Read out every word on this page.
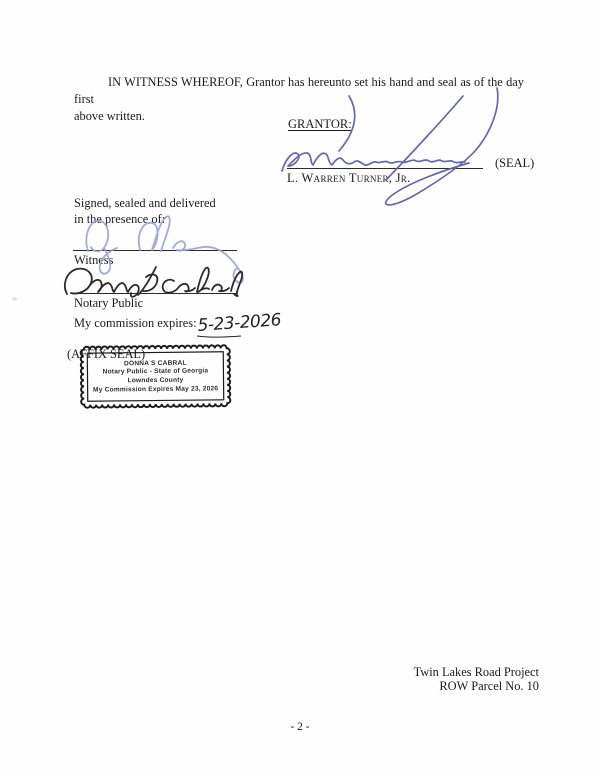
IN WITNESS WHEREOF, Grantor has hereunto set his hand and seal as of the day first
above written.
GRANTOR:
(SEAL)
L. Warren Turner, Jr.
Signed, sealed and delivered
in the presence of:
Witness
Notary Public
My commission expires:
(AFFIX SEAL)
DONNA S CABRAL
Notary Public - State of Georgia
Lowndes County
My Commission Expires May 23, 2026
5-23-2026
Twin Lakes Road Project
ROW Parcel No. 10
- 2 -
